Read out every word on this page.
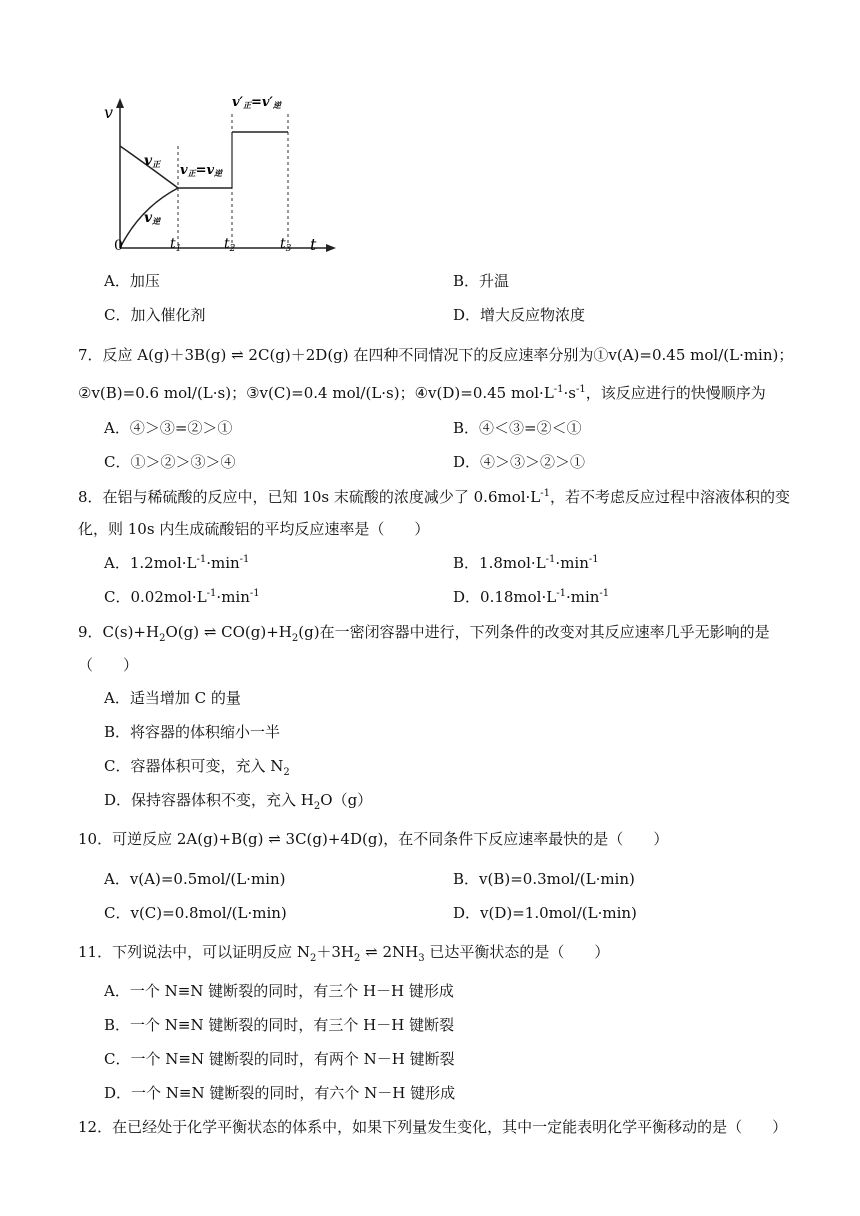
v
t
0	$t_1$	$t_2$	$t_3$
v正
v逆
v正=v逆
v′正=v′逆
A．加压	B．升温
C．加入催化剂	D．增大反应物浓度
7．反应 A(g)＋3B(g) ⇌ 2C(g)＋2D(g) 在四种不同情况下的反应速率分别为①v(A)=0.45 mol/(L·min)；
②v(B)=0.6 mol/(L·s)；③v(C)=0.4 mol/(L·s)；④v(D)=0.45 $mol\cdot L^{-1}\cdot s^{-1}$，该反应进行的快慢顺序为
A．④＞③=②＞①	B．④＜③=②＜①
C．①＞②＞③＞④	D．④＞③＞②＞①
8．在铝与稀硫酸的反应中，已知 10s 末硫酸的浓度减少了 $0.6mol\cdot L^{-1}$，若不考虑反应过程中溶液体积的变
化，则 10s 内生成硫酸铝的平均反应速率是（　　）
A．$1.2mol\cdot L^{-1}\cdot\min^{-1}$	B．$1.8mol\cdot L^{-1}\cdot\min^{-1}$
C．$0.02mol\cdot L^{-1}\cdot\min^{-1}$	D．$0.18mol\cdot L^{-1}\cdot\min^{-1}$
9．$C(s)+H_2O(g)$ ⇌ $CO(g)+H_2(g)$在一密闭容器中进行，下列条件的改变对其反应速率几乎无影响的是
（　　）
A．适当增加 C 的量
B．将容器的体积缩小一半
C．容器体积可变，充入 $N_2$
D．保持容器体积不变，充入 $H_2O(g)$
10．可逆反应 2A(g)+B(g) ⇌ 3C(g)+4D(g)，在不同条件下反应速率最快的是（　　）
A．v(A)=0.5mol/(L·min)	B．v(B)=0.3mol/(L·min)
C．v(C)=0.8mol/(L·min)	D．v(D)=1.0mol/(L·min)
11．下列说法中，可以证明反应 $N_2+3H_2$ ⇌ $2NH_3$ 已达平衡状态的是（　　）
A．一个 N≡N 键断裂的同时，有三个 H－H 键形成
B．一个 N≡N 键断裂的同时，有三个 H－H 键断裂
C．一个 N≡N 键断裂的同时，有两个 N－H 键断裂
D．一个 N≡N 键断裂的同时，有六个 N－H 键形成
12．在已经处于化学平衡状态的体系中，如果下列量发生变化，其中一定能表明化学平衡移动的是（　　）
